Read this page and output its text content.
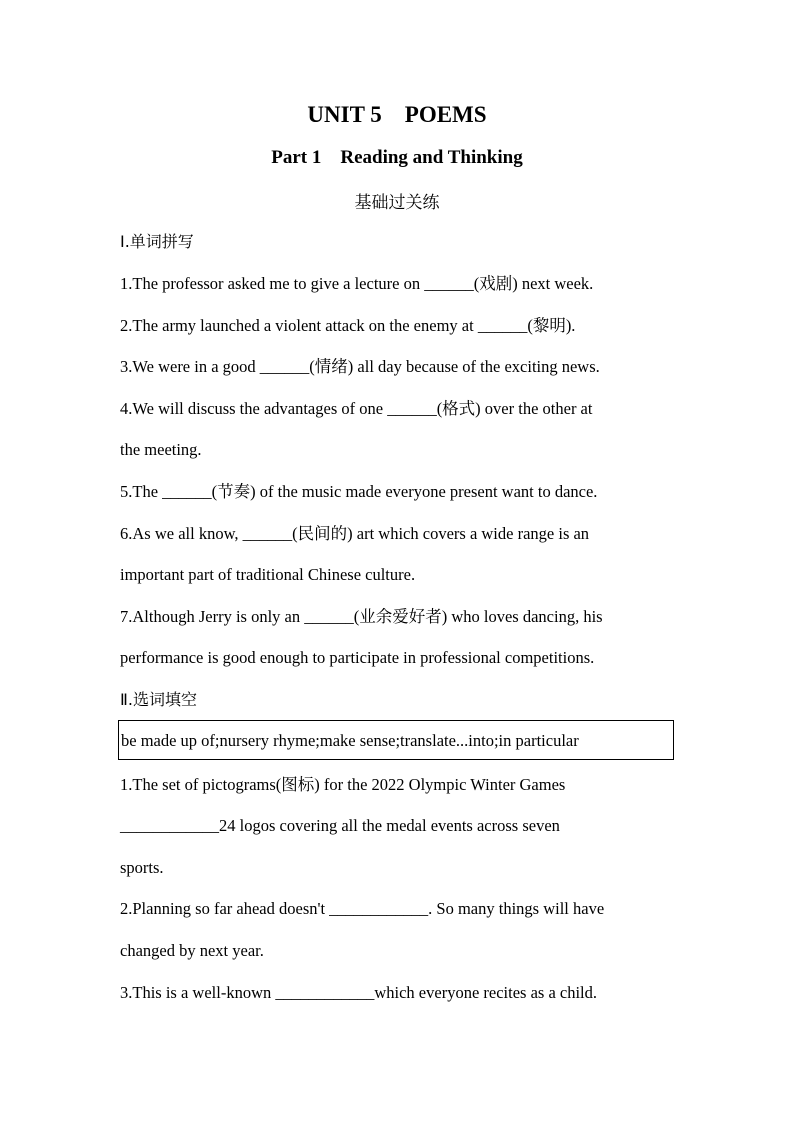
UNIT 5    POEMS
Part 1    Reading and Thinking
基础过关练
Ⅰ.单词拼写
1.The professor asked me to give a lecture on ______(戏剧) next week.
2.The army launched a violent attack on the enemy at ______(黎明).
3.We were in a good ______(情绪) all day because of the exciting news.
4.We will discuss the advantages of one ______(格式) over the other at
the meeting.
5.The ______(节奏) of the music made everyone present want to dance.
6.As we all know, ______(民间的) art which covers a wide range is an
important part of traditional Chinese culture.
7.Although Jerry is only an ______(业余爱好者) who loves dancing, his
performance is good enough to participate in professional competitions.
Ⅱ.选词填空
be made up of;nursery rhyme;make sense;translate...into;in particular
1.The set of pictograms(图标) for the 2022 Olympic Winter Games
____________24 logos covering all the medal events across seven
sports.
2.Planning so far ahead doesn't ____________. So many things will have
changed by next year.
3.This is a well-known ____________which everyone recites as a child.
